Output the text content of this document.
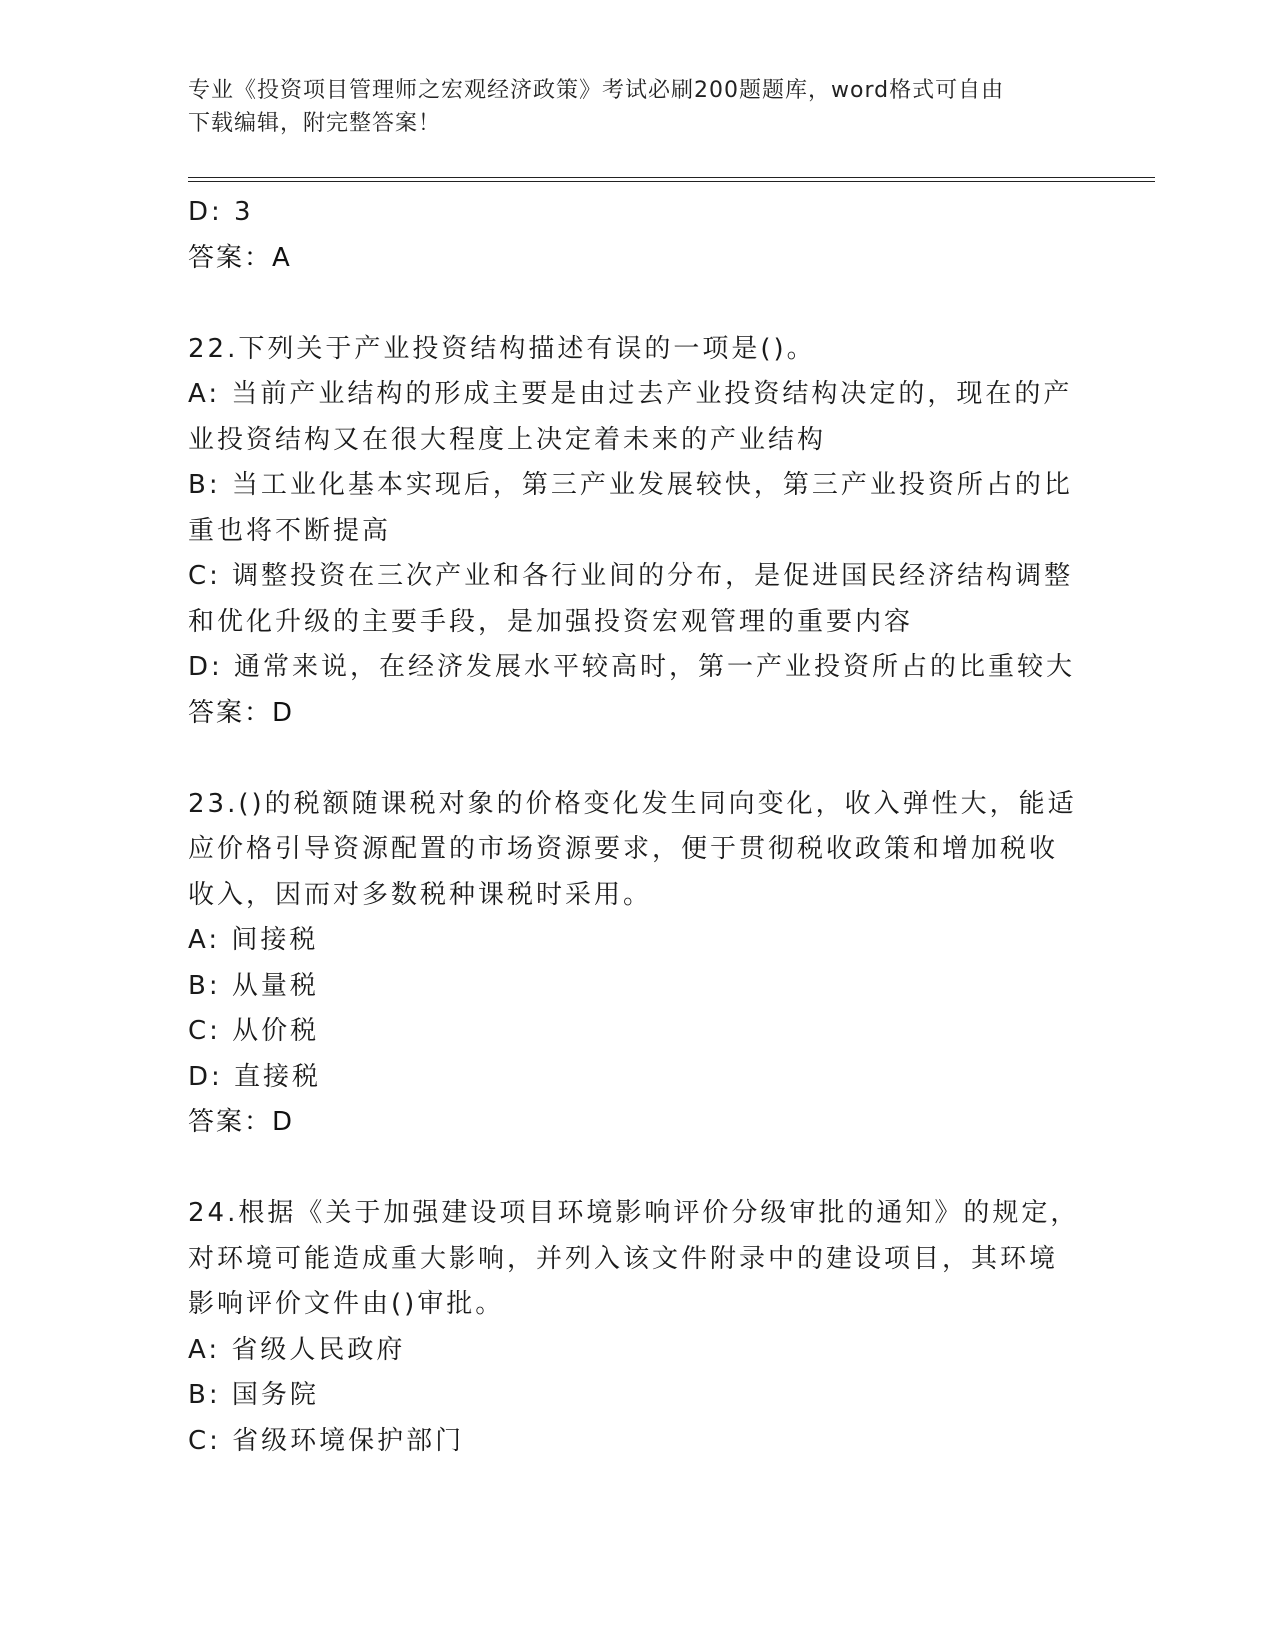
专业《投资项目管理师之宏观经济政策》考试必刷200题题库，word格式可自由
下载编辑，附完整答案！
D: 3
答案：A
22.下列关于产业投资结构描述有误的一项是()。
A: 当前产业结构的形成主要是由过去产业投资结构决定的，现在的产
业投资结构又在很大程度上决定着未来的产业结构
B: 当工业化基本实现后，第三产业发展较快，第三产业投资所占的比
重也将不断提高
C: 调整投资在三次产业和各行业间的分布，是促进国民经济结构调整
和优化升级的主要手段，是加强投资宏观管理的重要内容
D: 通常来说，在经济发展水平较高时，第一产业投资所占的比重较大
答案：D
23.()的税额随课税对象的价格变化发生同向变化，收入弹性大，能适
应价格引导资源配置的市场资源要求，便于贯彻税收政策和增加税收
收入，因而对多数税种课税时采用。
A: 间接税
B: 从量税
C: 从价税
D: 直接税
答案：D
24.根据《关于加强建设项目环境影响评价分级审批的通知》的规定，
对环境可能造成重大影响，并列入该文件附录中的建设项目，其环境
影响评价文件由()审批。
A: 省级人民政府
B: 国务院
C: 省级环境保护部门
